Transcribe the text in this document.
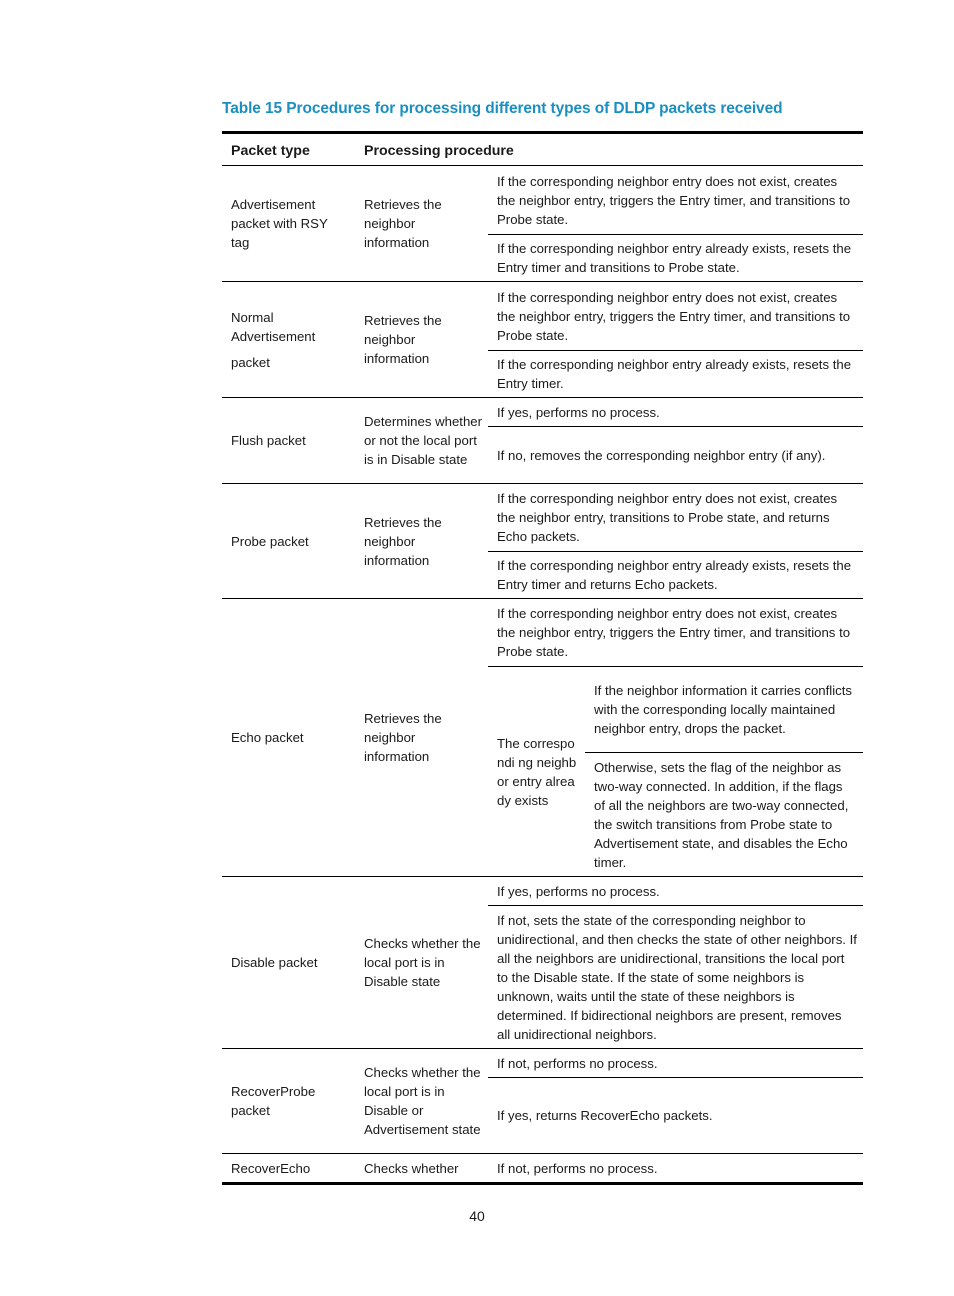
Table 15 Procedures for processing different types of DLDP packets received
Packet type	Processing procedure		
Advertisement packet with RSY tag	Retrieves the neighbor information	If the corresponding neighbor entry does not exist, creates the neighbor entry, triggers the Entry timer, and transitions to Probe state.	
		If the corresponding neighbor entry already exists, resets the Entry timer and transitions to Probe state.	

Normal Advertisement
packet	Retrieves the neighbor information	If the corresponding neighbor entry does not exist, creates the neighbor entry, triggers the Entry timer, and transitions to Probe state.	
		If the corresponding neighbor entry already exists, resets the Entry timer.	
Flush packet	Determines whether or not the local port is in Disable state	If yes, performs no process.	
		If no, removes the corresponding neighbor entry (if any).	
Probe packet	Retrieves the neighbor information	If the corresponding neighbor entry does not exist, creates the neighbor entry, transitions to Probe state, and returns Echo packets.	
		If the corresponding neighbor entry already exists, resets the Entry timer and returns Echo packets.	
Echo packet	Retrieves the neighbor information	If the corresponding neighbor entry does not exist, creates the neighbor entry, triggers the Entry timer, and transitions to Probe state.	
		The correspondi ng neighbor entry already exists	If the neighbor information it carries conflicts with the corresponding locally maintained neighbor entry, drops the packet.
			Otherwise, sets the flag of the neighbor as two-way connected. In addition, if the flags of all the neighbors are two-way connected, the switch transitions from Probe state to Advertisement state, and disables the Echo timer.
Disable packet	Checks whether the local port is in Disable state	If yes, performs no process.	
		If not, sets the state of the corresponding neighbor to unidirectional, and then checks the state of other neighbors. If all the neighbors are unidirectional, transitions the local port to the Disable state. If the state of some neighbors is unknown, waits until the state of these neighbors is determined. If bidirectional neighbors are present, removes all unidirectional neighbors.	
RecoverProbe packet	Checks whether the local port is in Disable or Advertisement state	If not, performs no process.	
		If yes, returns RecoverEcho packets.	
RecoverEcho	Checks whether	If not, performs no process.	
40
